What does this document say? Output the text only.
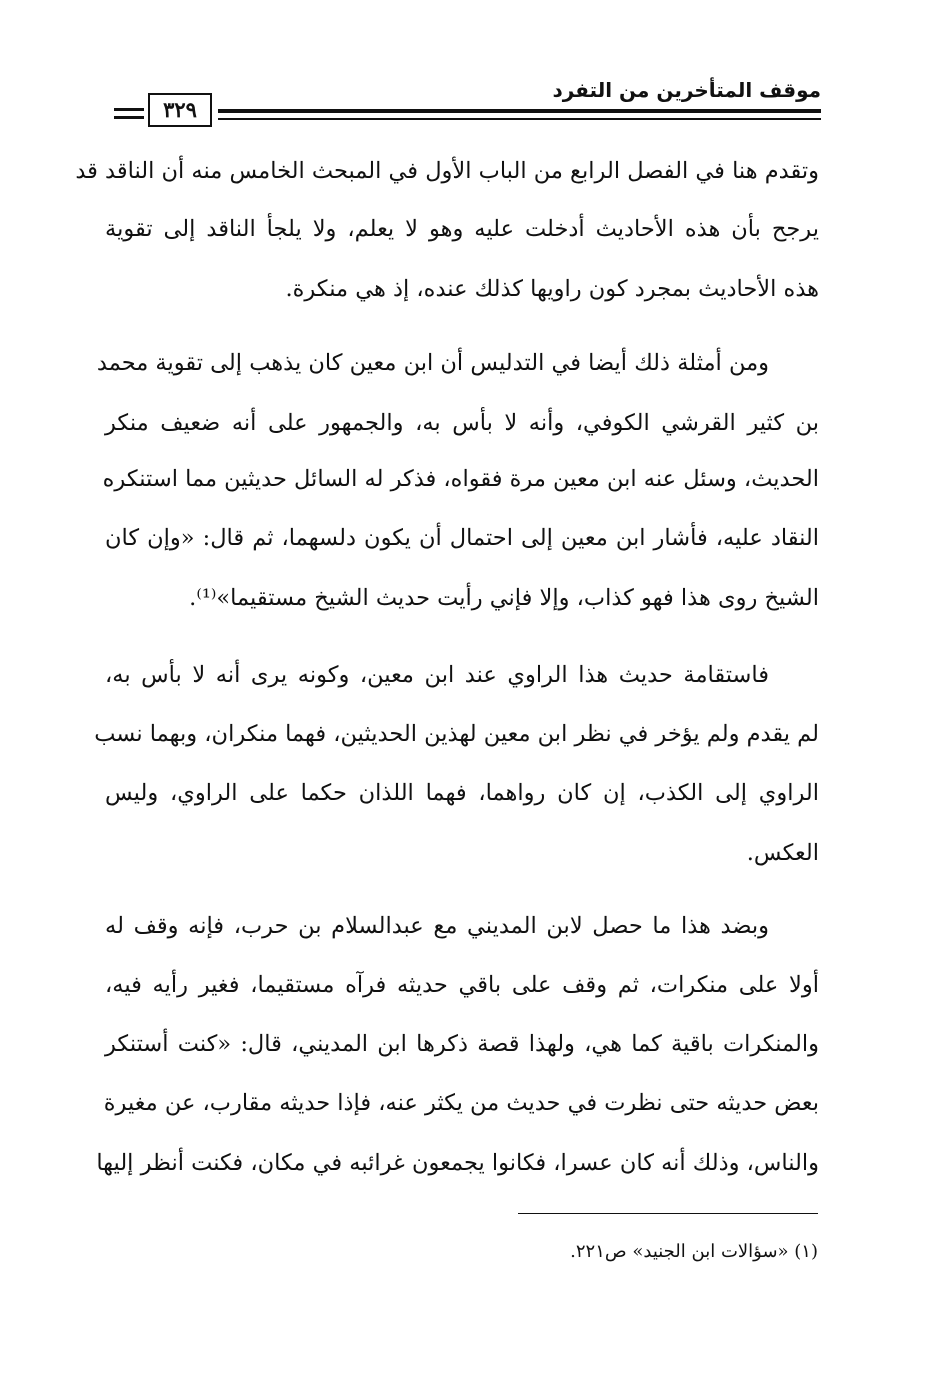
موقف المتأخرين من التفرد
٣٢٩
وتقدم هنا في الفصل الرابع من الباب الأول في المبحث الخامس منه أن الناقد قد
يرجح بأن هذه الأحاديث أدخلت عليه وهو لا يعلم، ولا يلجأ الناقد إلى تقوية
هذه الأحاديث بمجرد كون راويها كذلك عنده، إذ هي منكرة.
ومن أمثلة ذلك أيضا في التدليس أن ابن معين كان يذهب إلى تقوية محمد
بن كثير القرشي الكوفي، وأنه لا بأس به، والجمهور على أنه ضعيف منكر
الحديث، وسئل عنه ابن معين مرة فقواه، فذكر له السائل حديثين مما استنكره
النقاد عليه، فأشار ابن معين إلى احتمال أن يكون دلسهما، ثم قال: «وإن كان
الشيخ روى هذا فهو كذاب، وإلا فإني رأيت حديث الشيخ مستقيما»⁽¹⁾.
فاستقامة حديث هذا الراوي عند ابن معين، وكونه يرى أنه لا بأس به،
لم يقدم ولم يؤخر في نظر ابن معين لهذين الحديثين، فهما منكران، وبهما نسب
الراوي إلى الكذب، إن كان رواهما، فهما اللذان حكما على الراوي، وليس
العكس.
وبضد هذا ما حصل لابن المديني مع عبدالسلام بن حرب، فإنه وقف له
أولا على منكرات، ثم وقف على باقي حديثه فرآه مستقيما، فغير رأيه فيه،
والمنكرات باقية كما هي، ولهذا قصة ذكرها ابن المديني، قال: «كنت أستنكر
بعض حديثه حتى نظرت في حديث من يكثر عنه، فإذا حديثه مقارب، عن مغيرة
والناس، وذلك أنه كان عسرا، فكانوا يجمعون غرائبه في مكان، فكنت أنظر إليها
(١) «سؤالات ابن الجنيد» ص٢٢١.
